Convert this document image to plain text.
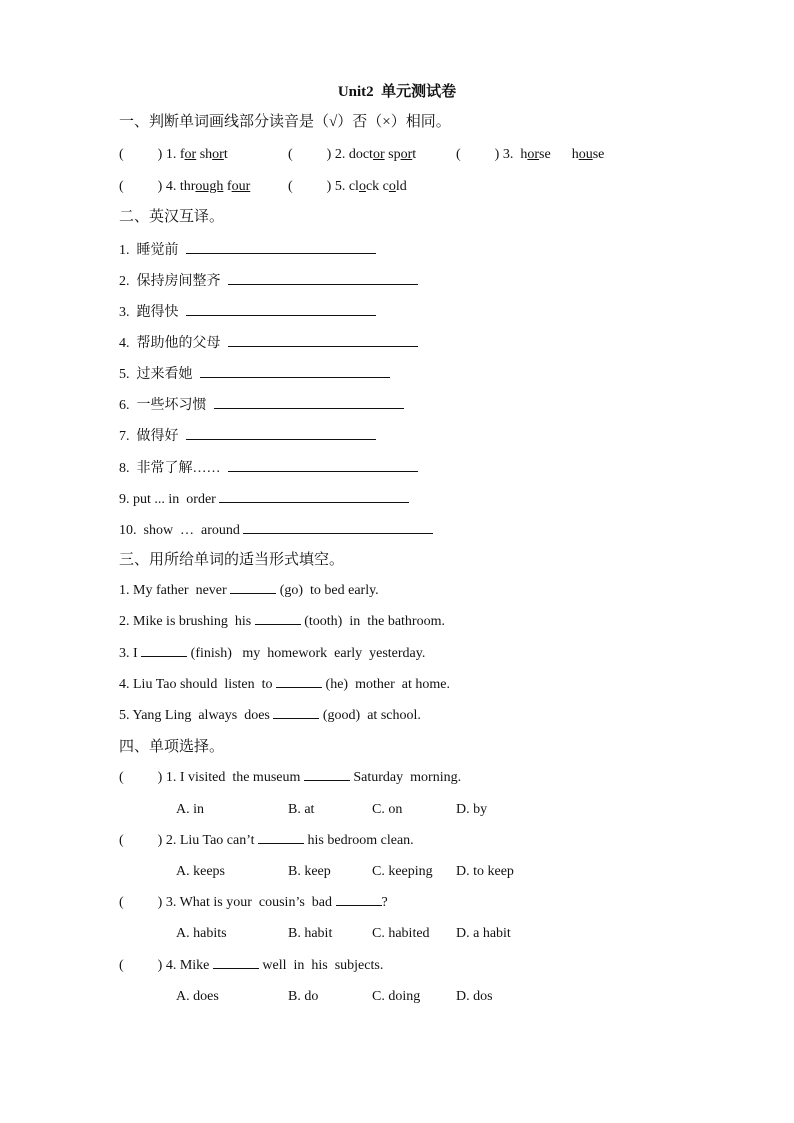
Unit2  单元测试卷
一、判断单词画线部分读音是（√）否（×）相同。
( ) 1. for short	( ) 2. doctor sport	( ) 3. horse house
( ) 4. through four	( ) 5. clock cold
二、英汉互译。
1.  睡觉前
2.  保持房间整齐
3.  跑得快
4.  帮助他的父母
5.  过来看她
6.  一些坏习惯
7.  做得好
8.  非常了解……
9. put ... in  order
10.  show  …  around
三、用所给单词的适当形式填空。
1. My father  never	(go)  to bed early.
2. Mike is brushing  his	(tooth)  in  the bathroom.
3. I	(finish)   my  homework  early  yesterday.
4. Liu Tao should  listen  to	(he)  mother  at home.
5. Yang Ling  always  does	(good)  at school.
四、单项选择。
( ) 1. I visited  the museum	Saturday  morning.
A. in	B. at	C. on	D. by
( ) 2. Liu Tao can’t	his bedroom clean.
A. keeps	B. keep	C. keeping D. to keep
( ) 3. What is your  cousin’s  bad	?
A. habits	B. habit	C. habited D. a habit
( ) 4. Mike	well  in  his  subjects.
A. does	B. do	C. doing	D. dos
